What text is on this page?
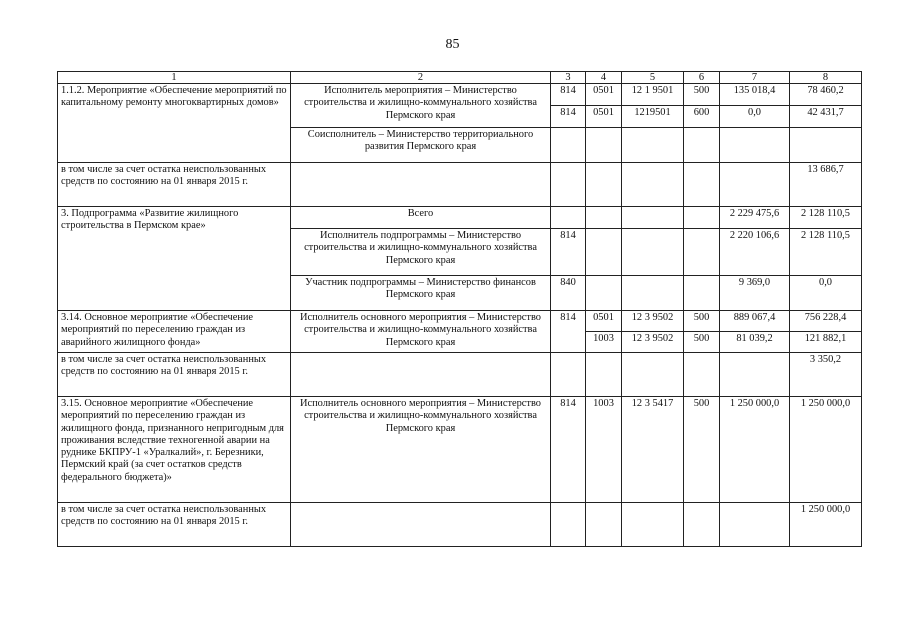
85
1	2	3	4	5	6	7	8
1.1.2. Мероприятие «Обеспечение мероприятий по капитальному ремонту многоквартирных домов»	Исполнитель мероприятия – Министерство строительства и жилищно-коммунального хозяйства Пермского края	814	0501	12 1 9501	500	135 018,4	78 460,2
		814	0501	1219501	600	0,0	42 431,7
	Соисполнитель – Министерство территориального развития Пермского края						
в том числе за счет остатка неиспользованных средств по состоянию на 01 января 2015 г.							13 686,7
3. Подпрограмма «Развитие жилищного строительства в Пермском крае»	Всего					2 229 475,6	2 128 110,5
	Исполнитель подпрограммы – Министерство строительства и жилищно-коммунального хозяйства Пермского края	814				2 220 106,6	2 128 110,5
	Участник подпрограммы – Министерство финансов Пермского края	840				9 369,0	0,0
3.14. Основное мероприятие «Обеспечение мероприятий по переселению граждан из аварийного жилищного фонда»	Исполнитель основного мероприятия – Министерство строительства и жилищно-коммунального хозяйства Пермского края	814	0501	12 3 9502	500	889 067,4	756 228,4
			1003	12 3 9502	500	81 039,2	121 882,1
в том числе за счет остатка неиспользованных средств по состоянию на 01 января 2015 г.							3 350,2
3.15. Основное мероприятие «Обеспечение мероприятий по переселению граждан из жилищного фонда, признанного непригодным для проживания вследствие техногенной аварии на руднике БКПРУ-1 «Уралкалий», г. Березники, Пермский край (за счет остатков средств федерального бюджета)»	Исполнитель основного мероприятия – Министерство строительства и жилищно-коммунального хозяйства Пермского края	814	1003	12 3 5417	500	1 250 000,0	1 250 000,0
в том числе за счет остатка неиспользованных средств по состоянию на 01 января 2015 г.							1 250 000,0
